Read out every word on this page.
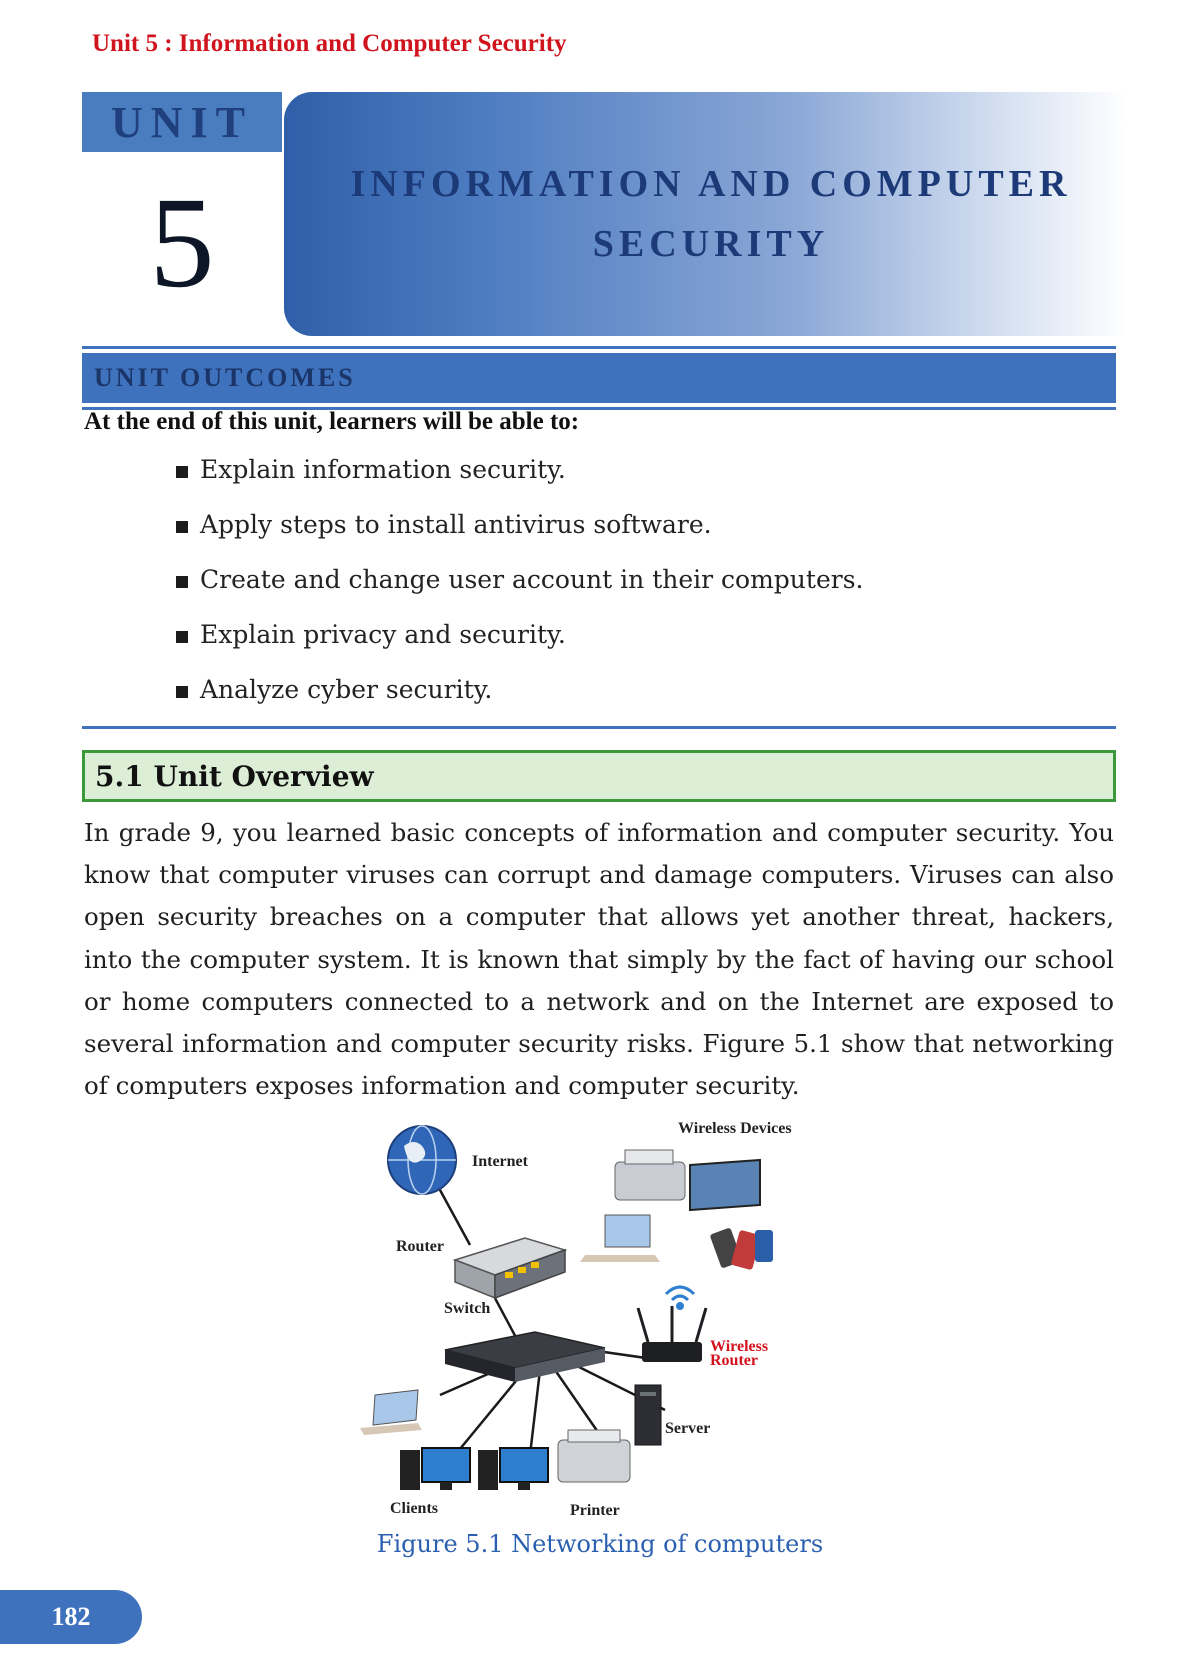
Unit 5 : Information and Computer Security
UNIT
5	INFORMATION AND COMPUTER
SECURITY
UNIT OUTCOMES
At the end of this unit, learners will be able to:
Explain information security.
Apply steps to install antivirus software.
Create and change user account in their computers.
Explain privacy and security.
Analyze cyber security.
5.1 Unit Overview

In grade 9, you learned basic concepts of information and computer security. You know that computer viruses can corrupt and damage computers. Viruses can also open security breaches on a computer that allows yet another threat, hackers, into the computer system. It is known that simply by the fact of having our school or home computers connected to a network and on the Internet are exposed to several information and computer security risks. Figure 5.1 show that networking of computers exposes information and computer security.

Internet
Wireless Devices
Router
Switch
Wireless
Router
Server
Clients	Printer
Figure 5.1 Networking of computers
182
